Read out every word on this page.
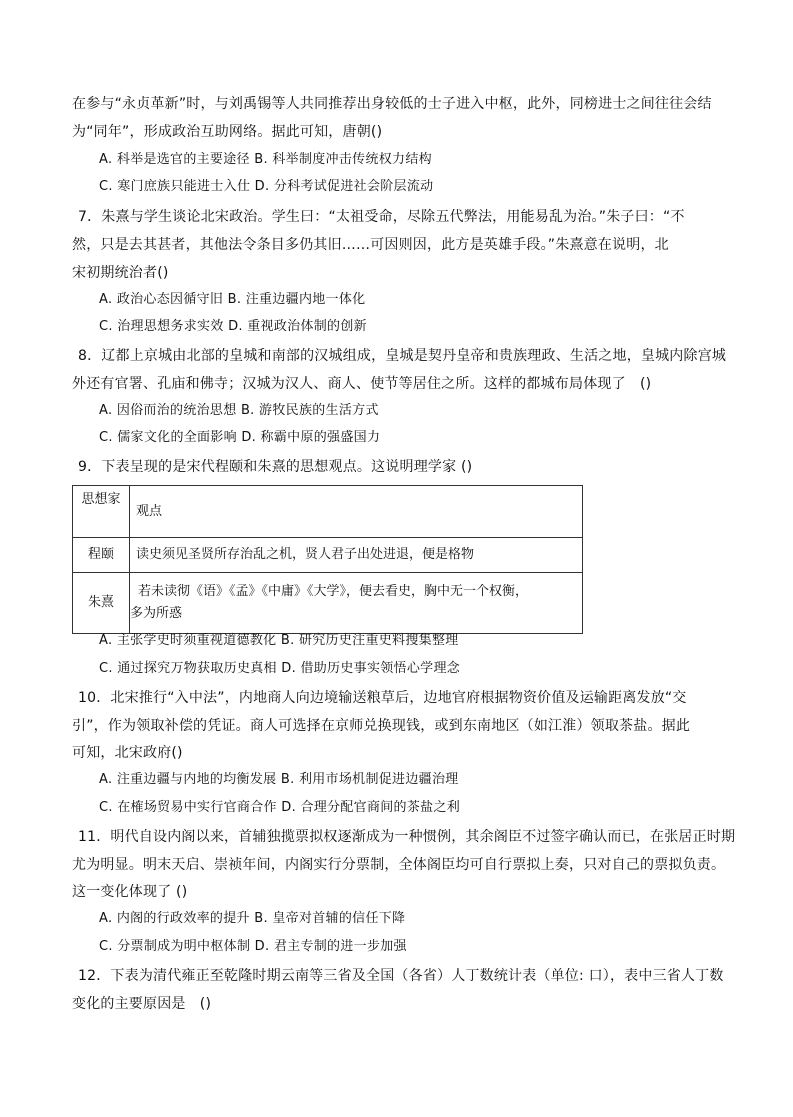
在参与“永贞革新”时，与刘禹锡等人共同推荐出身较低的士子进入中枢，此外，同榜进士之间往往会结
为“同年”，形成政治互助网络。据此可知，唐朝()
A. 科举是选官的主要途径 B. 科举制度冲击传统权力结构
C. 寒门庶族只能进士入仕 D. 分科考试促进社会阶层流动
7．朱熹与学生谈论北宋政治。学生曰：“太祖受命，尽除五代弊法，用能易乱为治。”朱子曰：“不
然，只是去其甚者，其他法令条目多仍其旧……可因则因，此方是英雄手段。”朱熹意在说明，北
宋初期统治者()
A. 政治心态因循守旧 B. 注重边疆内地一体化
C. 治理思想务求实效 D. 重视政治体制的创新
8．辽都上京城由北部的皇城和南部的汉城组成，皇城是契丹皇帝和贵族理政、生活之地，皇城内除宫城
外还有官署、孔庙和佛寺；汉城为汉人、商人、使节等居住之所。这样的都城布局体现了　()
A. 因俗而治的统治思想 B. 游牧民族的生活方式
C. 儒家文化的全面影响 D. 称霸中原的强盛国力
9．下表呈现的是宋代程颐和朱熹的思想观点。这说明理学家 ()
思想家	观点
程颐	读史须见圣贤所存治乱之机，贤人君子出处进退，便是格物
朱熹	若未读彻《语》《孟》《中庸》《大学》，便去看史，胸中无一个权衡，
多为所惑
A. 主张学史时须重视道德教化 B. 研究历史注重史料搜集整理
C. 通过探究万物获取历史真相 D. 借助历史事实领悟心学理念
10．北宋推行“入中法”，内地商人向边境输送粮草后，边地官府根据物资价值及运输距离发放“交
引”，作为领取补偿的凭证。商人可选择在京师兑换现钱，或到东南地区（如江淮）领取茶盐。据此
可知，北宋政府()
A. 注重边疆与内地的均衡发展 B. 利用市场机制促进边疆治理
C. 在榷场贸易中实行官商合作 D. 合理分配官商间的茶盐之利
11．明代自设内阁以来，首辅独揽票拟权逐渐成为一种惯例，其余阁臣不过签字确认而已，在张居正时期
尤为明显。明末天启、崇祯年间，内阁实行分票制，全体阁臣均可自行票拟上奏，只对自己的票拟负责。
这一变化体现了 ()
A. 内阁的行政效率的提升 B. 皇帝对首辅的信任下降
C. 分票制成为明中枢体制 D. 君主专制的进一步加强
12．下表为清代雍正至乾隆时期云南等三省及全国（各省）人丁数统计表（单位: 口），表中三省人丁数
变化的主要原因是　()
